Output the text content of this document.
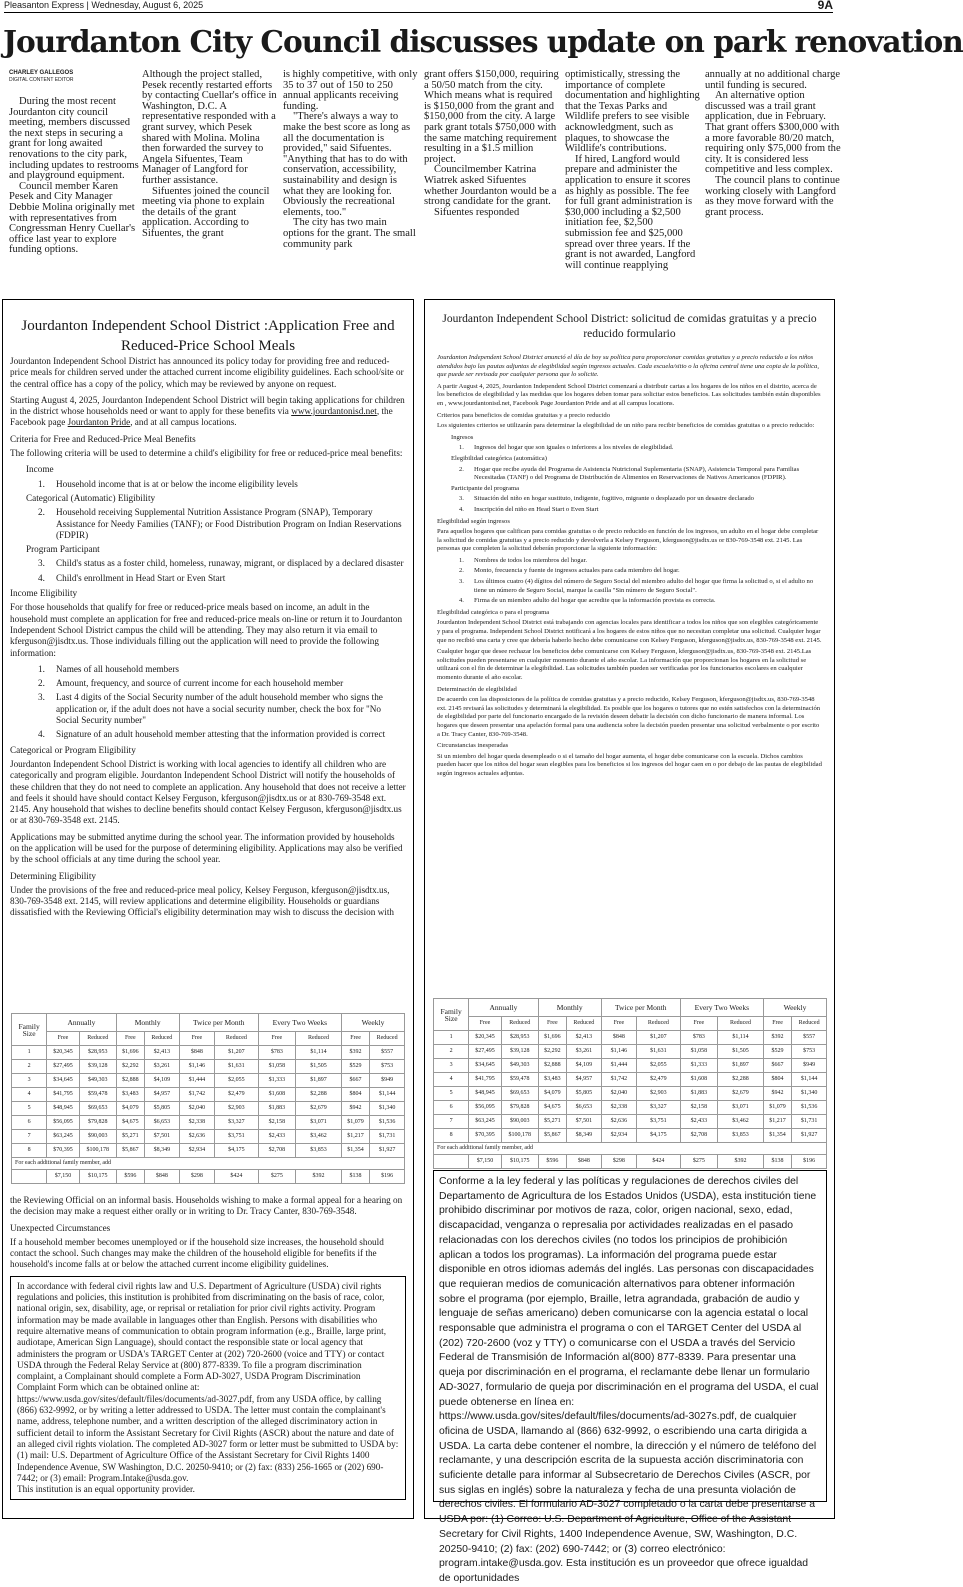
Pleasanton Express | Wednesday, August 6, 2025	9A
Jourdanton City Council discusses update on park renovation
CHARLEY GALLEGOS
DIGITAL CONTENT EDITOR

During the most recent Jourdanton city council meeting, members discussed the next steps in securing a grant for long awaited renovations to the city park, including updates to restrooms and playground equipment.

Council member Karen Pesek and City Manager Debbie Molina originally met with representatives from Congressman Henry Cuellar's office last year to explore funding options.

Although the project stalled, Pesek recently restarted efforts by contacting Cuellar's office in Washington, D.C. A representative responded with a grant survey, which Pesek shared with Molina. Molina then forwarded the survey to Angela Sifuentes, Team Manager of Langford for further assistance.

Sifuentes joined the council meeting via phone to explain the details of the grant application. According to Sifuentes, the grant

is highly competitive, with only 35 to 37 out of 150 to 250 annual applicants receiving funding.

"There's always a way to make the best score as long as all the documentation is provided," said Sifuentes. "Anything that has to do with conservation, accessibility, sustainability and design is what they are looking for. Obviously the recreational elements, too."

The city has two main options for the grant. The small community park

grant offers $150,000, requiring a 50/50 match from the city. Which means what is required is $150,000 from the grant and $150,000 from the city. A large park grant totals $750,000 with the same matching requirement resulting in a $1.5 million project.

Councilmember Katrina Wiatrek asked Sifuentes whether Jourdanton would be a strong candidate for the grant.

Sifuentes responded

optimistically, stressing the importance of complete documentation and highlighting that the Texas Parks and Wildlife prefers to see visible acknowledgment, such as plaques, to showcase the Wildlife's contributions.

If hired, Langford would prepare and administer the application to ensure it scores as highly as possible. The fee for full grant administration is $30,000 including a $2,500 initiation fee, $2,500 submission fee and $25,000 spread over three years. If the grant is not awarded, Langford will continue reapplying

annually at no additional charge until funding is secured.

An alternative option discussed was a trail grant application, due in February. That grant offers $300,000 with a more favorable 80/20 match, requiring only $75,000 from the city. It is considered less competitive and less complex.

The council plans to continue working closely with Langford as they move forward with the grant process.

Jourdanton Independent School District :Application Free and Reduced-Price School Meals

Jourdanton Independent School District has announced its policy today for providing free and reduced-price meals for children served under the attached current income eligibility guidelines. Each school/site or the central office has a copy of the policy, which may be reviewed by anyone on request.

Starting August 4, 2025, Jourdanton Independent School District will begin taking applications for children in the district whose households need or want to apply for these benefits via www.jourdantonisd.net, the Facebook page Jourdanton Pride, and at all campus locations.

Criteria for Free and Reduced-Price Meal Benefits

The following criteria will be used to determine a child's eligibility for free or reduced-price meal benefits:

Income
1.	Household income that is at or below the income eligibility levels
Categorical (Automatic) Eligibility
2.	Household receiving Supplemental Nutrition Assistance Program (SNAP), Temporary Assistance for Needy Families (TANF); or Food Distribution Program on Indian Reservations (FDPIR)
Program Participant
3.	Child's status as a foster child, homeless, runaway, migrant, or displaced by a declared disaster
4.	Child's enrollment in Head Start or Even Start

Income Eligibility

For those households that qualify for free or reduced-price meals based on income, an adult in the household must complete an application for free and reduced-price meals on-line or return it to Jourdanton Independent School District campus the child will be attending. They may also return it via email to kferguson@jisdtx.us. Those individuals filling out the application will need to provide the following information:

1.	Names of all household members
2.	Amount, frequency, and source of current income for each household member
3.	Last 4 digits of the Social Security number of the adult household member who signs the application or, if the adult does not have a social security number, check the box for "No Social Security number"
4.	Signature of an adult household member attesting that the information provided is correct

Categorical or Program Eligibility

Jourdanton Independent School District is working with local agencies to identify all children who are categorically and program eligible. Jourdanton Independent School District will notify the households of these children that they do not need to complete an application. Any household that does not receive a letter and feels it should have should contact Kelsey Ferguson, kferguson@jisdtx.us or at 830-769-3548 ext. 2145. Any household that wishes to decline benefits should contact Kelsey Ferguson, kferguson@jisdtx.us or at 830-769-3548 ext. 2145.

Applications may be submitted anytime during the school year. The information provided by households on the application will be used for the purpose of determining eligibility. Applications may also be verified by the school officials at any time during the school year.

Determining Eligibility

Under the provisions of the free and reduced-price meal policy, Kelsey Ferguson, kferguson@jisdtx.us, 830-769-3548 ext. 2145, will review applications and determine eligibility. Households or guardians dissatisfied with the Reviewing Official's eligibility determination may wish to discuss the decision with

Family
Size	Annually		Monthly		Twice per Month		Every Two Weeks		Weekly	
	Free	Reduced	Free	Reduced	Free	Reduced	Free	Reduced	Free	Reduced
1	$20,345	$28,953	$1,696	$2,413	$848	$1,207	$783	$1,114	$392	$557
2	$27,495	$39,128	$2,292	$3,261	$1,146	$1,631	$1,058	$1,505	$529	$753
3	$34,645	$49,303	$2,888	$4,109	$1,444	$2,055	$1,333	$1,897	$667	$949
4	$41,795	$59,478	$3,483	$4,957	$1,742	$2,479	$1,608	$2,288	$804	$1,144
5	$48,945	$69,653	$4,079	$5,805	$2,040	$2,903	$1,883	$2,679	$942	$1,340
6	$56,095	$79,828	$4,675	$6,653	$2,338	$3,327	$2,158	$3,071	$1,079	$1,536
7	$63,245	$90,003	$5,271	$7,501	$2,636	$3,751	$2,433	$3,462	$1,217	$1,731
8	$70,395	$100,178	$5,867	$8,349	$2,934	$4,175	$2,708	$3,853	$1,354	$1,927
For each additional family member, add										
	$7,150	$10,175	$596	$848	$298	$424	$275	$392	$138	$196

the Reviewing Official on an informal basis. Households wishing to make a formal appeal for a hearing on the decision may make a request either orally or in writing to Dr. Tracy Canter, 830-769-3548.

Unexpected Circumstances

If a household member becomes unemployed or if the household size increases, the household should contact the school. Such changes may make the children of the household eligible for benefits if the household's income falls at or below the attached current income eligibility guidelines.

In accordance with federal civil rights law and U.S. Department of Agriculture (USDA) civil rights regulations and policies, this institution is prohibited from discriminating on the basis of race, color, national origin, sex, disability, age, or reprisal or retaliation for prior civil rights activity. Program information may be made available in languages other than English. Persons with disabilities who require alternative means of communication to obtain program information (e.g., Braille, large print, audiotape, American Sign Language), should contact the responsible state or local agency that administers the program or USDA's TARGET Center at (202) 720-2600 (voice and TTY) or contact USDA through the Federal Relay Service at (800) 877-8339. To file a program discrimination complaint, a Complainant should complete a Form AD-3027, USDA Program Discrimination Complaint Form which can be obtained online at: https://www.usda.gov/sites/default/files/documents/ad-3027.pdf, from any USDA office, by calling (866) 632-9992, or by writing a letter addressed to USDA. The letter must contain the complainant's name, address, telephone number, and a written description of the alleged discriminatory action in sufficient detail to inform the Assistant Secretary for Civil Rights (ASCR) about the nature and date of an alleged civil rights violation. The completed AD-3027 form or letter must be submitted to USDA by: (1) mail: U.S. Department of Agriculture Office of the Assistant Secretary for Civil Rights 1400 Independence Avenue, SW Washington, D.C. 20250-9410; or (2) fax: (833) 256-1665 or (202) 690-7442; or (3) email: Program.Intake@usda.gov.
This institution is an equal opportunity provider.
Jourdanton Independent School District: solicitud de comidas gratuitas y a precio reducido formulario

Jourdanton Independent School District anunció el día de hoy su política para proporcionar comidas gratuitas y a precio reducido a los niños atendidos bajo las pautas adjuntas de elegibilidad según ingresos actuales. Cada escuela/sitio o la oficina central tiene una copia de la política, que puede ser revisada por cualquier persona que lo solicite.

A partir August 4, 2025, Jourdanton Independent School District comenzará a distribuir cartas a los hogares de los niños en el distrito, acerca de los beneficios de elegibilidad y las medidas que los hogares deben tomar para solicitar estos beneficios. Las solicitudes también están disponibles en , www.jourdantonisd.net, Facebook Page Jourdanton Pride and at all campus locations.

Criterios para beneficios de comidas gratuitas y a precio reducido

Los siguientes criterios se utilizarán para determinar la elegibilidad de un niño para recibir beneficios de comidas gratuitas o a precio reducido:

Ingresos
1.	Ingresos del hogar que son iguales o inferiores a los niveles de elegibilidad.
Elegibilidad categórica (automática)
2.	Hogar que recibe ayuda del Programa de Asistencia Nutricional Suplementaria (SNAP), Asistencia Temporal para Familias Necesitadas (TANF) o del Programa de Distribución de Alimentos en Reservaciones de Nativos Americanos (FDPIR).
Participante del programa
3.	Situación del niño en hogar sustituto, indigente, fugitivo, migrante o desplazado por un desastre declarado
4.	Inscripción del niño en Head Start o Even Start

Elegibilidad según ingresos

Para aquellos hogares que califican para comidas gratuitas o de precio reducido en función de los ingresos, un adulto en el hogar debe completar la solicitud de comidas gratuitas y a precio reducido y devolverla a Kelsey Ferguson, kferguson@jisdtx.us or 830-769-3548 ext. 2145. Las personas que completen la solicitud deberán proporcionar la siguiente información:

1.	Nombres de todos los miembros del hogar.
2.	Monto, frecuencia y fuente de ingresos actuales para cada miembro del hogar.
3.	Los últimos cuatro (4) dígitos del número de Seguro Social del miembro adulto del hogar que firma la solicitud o, si el adulto no tiene un número de Seguro Social, marque la casilla "Sin número de Seguro Social".
4.	Firma de un miembro adulto del hogar que acredite que la información provista es correcta.

Elegibilidad categórica o para el programa

Jourdanton Independent School District está trabajando con agencias locales para identificar a todos los niños que son elegibles categóricamente y para el programa. Independent School District notificará a los hogares de estos niños que no necesitan completar una solicitud. Cualquier hogar que no recibió una carta y cree que debería haberlo hecho debe comunicarse con Kelsey Ferguson, kferguson@jisdtx.us, 830-769-3548 ext. 2145.

Cualquier hogar que desee rechazar los beneficios debe comunicarse con Kelsey Ferguson, kferguson@jisdtx.us, 830-769-3548 ext. 2145.Las solicitudes pueden presentarse en cualquier momento durante el año escolar. La información que proporcionan los hogares en la solicitud se utilizará con el fin de determinar la elegibilidad. Las solicitudes también pueden ser verificadas por los funcionarios escolares en cualquier momento durante el año escolar.

Determinación de elegibilidad

De acuerdo con las disposiciones de la política de comidas gratuitas y a precio reducido, Kelsey Ferguson, kferguson@jisdtx.us, 830-769-3548 ext. 2145 revisará las solicitudes y determinará la elegibilidad. Es posible que los hogares o tutores que no estén satisfechos con la determinación de elegibilidad por parte del funcionario encargado de la revisión deseen debatir la decisión con dicho funcionario de manera informal. Los hogares que deseen presentar una apelación formal para una audiencia sobre la decisión pueden presentar una solicitud verbalmente o por escrito a Dr. Tracy Canter, 830-769-3548.

Circunstancias inesperadas

Si un miembro del hogar queda desempleado o si el tamaño del hogar aumenta, el hogar debe comunicarse con la escuela. Dichos cambios pueden hacer que los niños del hogar sean elegibles para los beneficios si los ingresos del hogar caen en o por debajo de las pautas de elegibilidad según ingresos actuales adjuntas.

Family
Size	Annually		Monthly		Twice per Month		Every Two Weeks		Weekly	
	Free	Reduced	Free	Reduced	Free	Reduced	Free	Reduced	Free	Reduced
1	$20,345	$28,953	$1,696	$2,413	$848	$1,207	$783	$1,114	$392	$557
2	$27,495	$39,128	$2,292	$3,261	$1,146	$1,631	$1,058	$1,505	$529	$753
3	$34,645	$49,303	$2,888	$4,109	$1,444	$2,055	$1,333	$1,897	$667	$949
4	$41,795	$59,478	$3,483	$4,957	$1,742	$2,479	$1,608	$2,288	$804	$1,144
5	$48,945	$69,653	$4,079	$5,805	$2,040	$2,903	$1,883	$2,679	$942	$1,340
6	$56,095	$79,828	$4,675	$6,653	$2,338	$3,327	$2,158	$3,071	$1,079	$1,536
7	$63,245	$90,003	$5,271	$7,501	$2,636	$3,751	$2,433	$3,462	$1,217	$1,731
8	$70,395	$100,178	$5,867	$8,349	$2,934	$4,175	$2,708	$3,853	$1,354	$1,927
For each additional family member, add										
	$7,150	$10,175	$596	$848	$298	$424	$275	$392	$138	$196
Conforme a la ley federal y las políticas y regulaciones de derechos civiles del Departamento de Agricultura de los Estados Unidos (USDA), esta institución tiene prohibido discriminar por motivos de raza, color, origen nacional, sexo, edad, discapacidad, venganza o represalia por actividades realizadas en el pasado relacionadas con los derechos civiles (no todos los principios de prohibición aplican a todos los programas). La información del programa puede estar disponible en otros idiomas además del inglés. Las personas con discapacidades que requieran medios de comunicación alternativos para obtener información sobre el programa (por ejemplo, Braille, letra agrandada, grabación de audio y lenguaje de señas americano) deben comunicarse con la agencia estatal o local responsable que administra el programa o con el TARGET Center del USDA al (202) 720-2600 (voz y TTY) o comunicarse con el USDA a través del Servicio Federal de Transmisión de Información al(800) 877-8339. Para presentar una queja por discriminación en el programa, el reclamante debe llenar un formulario AD-3027, formulario de queja por discriminación en el programa del USDA, el cual puede obtenerse en línea en: https://www.usda.gov/sites/default/files/documents/ad-3027s.pdf, de cualquier oficina de USDA, llamando al (866) 632-9992, o escribiendo una carta dirigida a USDA. La carta debe contener el nombre, la dirección y el número de teléfono del reclamante, y una descripción escrita de la supuesta acción discriminatoria con suficiente detalle para informar al Subsecretario de Derechos Civiles (ASCR, por sus siglas en inglés) sobre la naturaleza y fecha de una presunta violación de derechos civiles. El formulario AD-3027 completado o la carta debe presentarse a USDA por: (1) Correo: U.S. Department of Agriculture, Office of the Assistant Secretary for Civil Rights, 1400 Independence Avenue, SW, Washington, D.C. 20250-9410; (2) fax: (202) 690-7442; or (3) correo electrónico: program.intake@usda.gov. Esta institución es un proveedor que ofrece igualdad de oportunidades
